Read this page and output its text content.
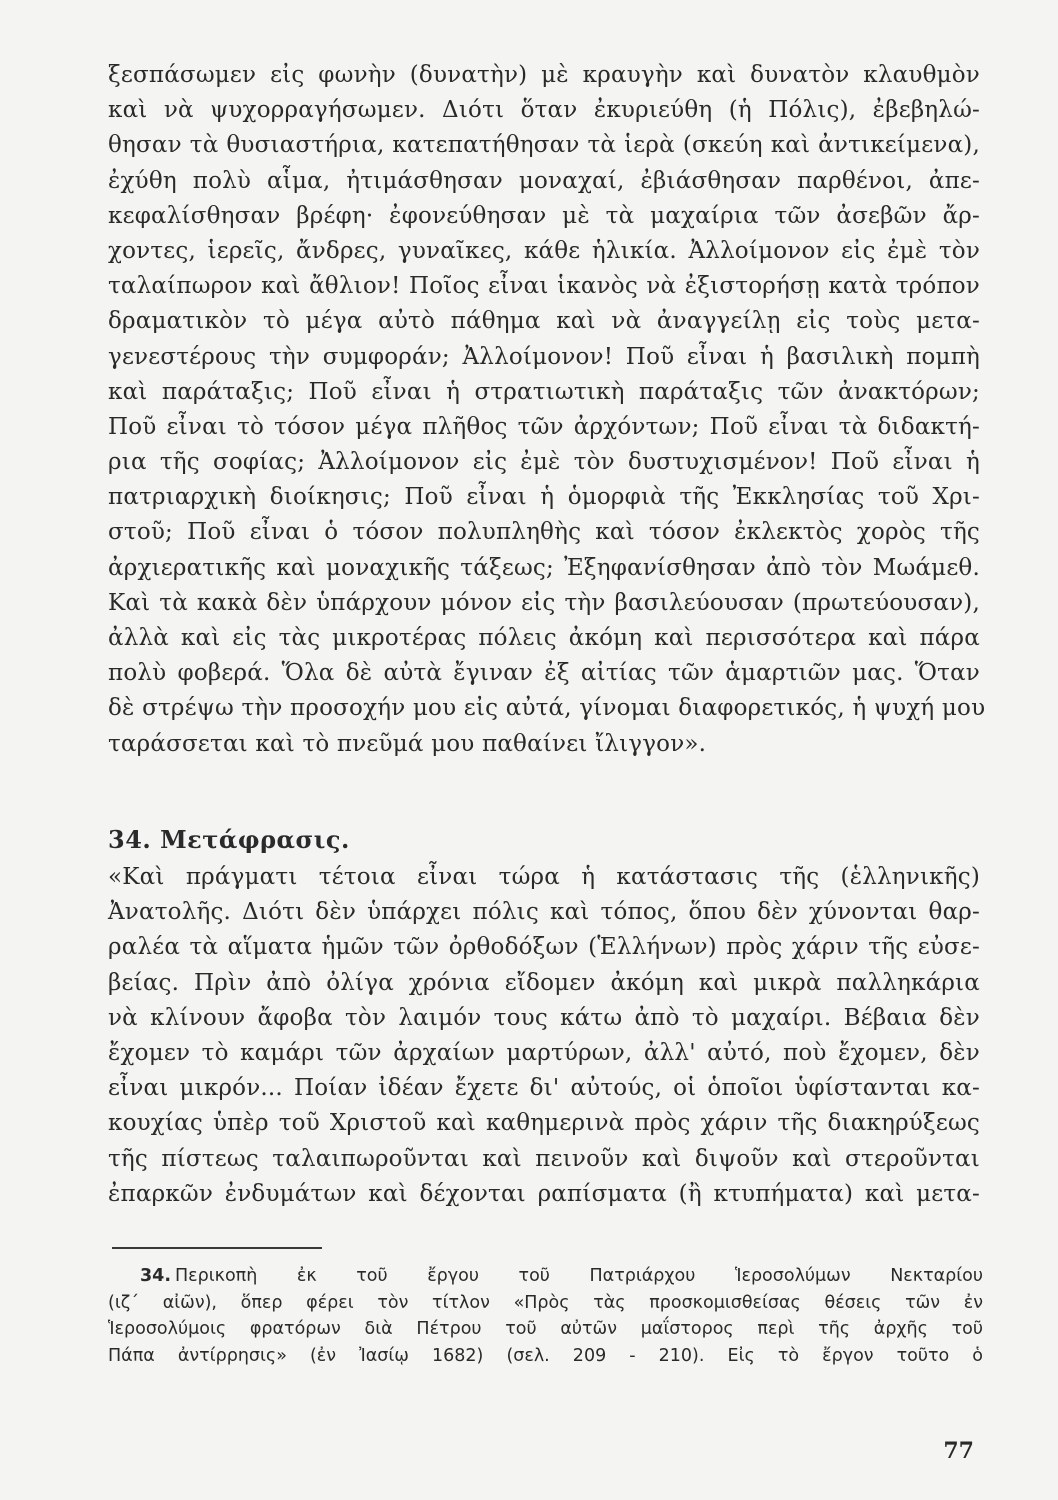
ξεσπάσωμεν εἰς φωνὴν (δυνατὴν) μὲ κραυγὴν καὶ δυνατὸν κλαυθμὸν
καὶ νὰ ψυχορραγήσωμεν. Διότι ὅταν ἐκυριεύθη (ἡ Πόλις), ἐβεβηλώ-
θησαν τὰ θυσιαστήρια, κατεπατήθησαν τὰ ἱερὰ (σκεύη καὶ ἀντικείμενα),
ἐχύθη πολὺ αἷμα, ἠτιμάσθησαν μοναχαί, ἐβιάσθησαν παρθένοι, ἀπε-
κεφαλίσθησαν βρέφη· ἐφονεύθησαν μὲ τὰ μαχαίρια τῶν ἀσεβῶν ἄρ-
χοντες, ἱερεῖς, ἄνδρες, γυναῖκες, κάθε ἡλικία. Ἀλλοίμονον εἰς ἐμὲ τὸν
ταλαίπωρον καὶ ἄθλιον! Ποῖος εἶναι ἱκανὸς νὰ ἐξιστορήσῃ κατὰ τρόπον
δραματικὸν τὸ μέγα αὐτὸ πάθημα καὶ νὰ ἀναγγείλῃ εἰς τοὺς μετα-
γενεστέρους τὴν συμφοράν; Ἀλλοίμονον! Ποῦ εἶναι ἡ βασιλικὴ πομπὴ
καὶ παράταξις; Ποῦ εἶναι ἡ στρατιωτικὴ παράταξις τῶν ἀνακτόρων;
Ποῦ εἶναι τὸ τόσον μέγα πλῆθος τῶν ἀρχόντων; Ποῦ εἶναι τὰ διδακτή-
ρια τῆς σοφίας; Ἀλλοίμονον εἰς ἐμὲ τὸν δυστυχισμένον! Ποῦ εἶναι ἡ
πατριαρχικὴ διοίκησις; Ποῦ εἶναι ἡ ὁμορφιὰ τῆς Ἐκκλησίας τοῦ Χρι-
στοῦ; Ποῦ εἶναι ὁ τόσον πολυπληθὴς καὶ τόσον ἐκλεκτὸς χορὸς τῆς
ἀρχιερατικῆς καὶ μοναχικῆς τάξεως; Ἐξηφανίσθησαν ἀπὸ τὸν Μωάμεθ.
Καὶ τὰ κακὰ δὲν ὑπάρχουν μόνον εἰς τὴν βασιλεύουσαν (πρωτεύουσαν),
ἀλλὰ καὶ εἰς τὰς μικροτέρας πόλεις ἀκόμη καὶ περισσότερα καὶ πάρα
πολὺ φοβερά. Ὅλα δὲ αὐτὰ ἔγιναν ἐξ αἰτίας τῶν ἁμαρτιῶν μας. Ὅταν
δὲ στρέψω τὴν προσοχήν μου εἰς αὐτά, γίνομαι διαφορετικός, ἡ ψυχή μου
ταράσσεται καὶ τὸ πνεῦμά μου παθαίνει ἴλιγγον».
34. Μετάφρασις.
«Καὶ πράγματι τέτοια εἶναι τώρα ἡ κατάστασις τῆς (ἑλληνικῆς)
Ἀνατολῆς. Διότι δὲν ὑπάρχει πόλις καὶ τόπος, ὅπου δὲν χύνονται θαρ-
ραλέα τὰ αἵματα ἡμῶν τῶν ὀρθοδόξων (Ἑλλήνων) πρὸς χάριν τῆς εὐσε-
βείας. Πρὶν ἀπὸ ὀλίγα χρόνια εἴδομεν ἀκόμη καὶ μικρὰ παλληκάρια
νὰ κλίνουν ἄφοβα τὸν λαιμόν τους κάτω ἀπὸ τὸ μαχαίρι. Βέβαια δὲν
ἔχομεν τὸ καμάρι τῶν ἀρχαίων μαρτύρων, ἀλλ' αὐτό, ποὺ ἔχομεν, δὲν
εἶναι μικρόν... Ποίαν ἰδέαν ἔχετε δι' αὐτούς, οἱ ὁποῖοι ὑφίστανται κα-
κουχίας ὑπὲρ τοῦ Χριστοῦ καὶ καθημερινὰ πρὸς χάριν τῆς διακηρύξεως
τῆς πίστεως ταλαιπωροῦνται καὶ πεινοῦν καὶ διψοῦν καὶ στεροῦνται
ἐπαρκῶν ἐνδυμάτων καὶ δέχονται ραπίσματα (ἢ κτυπήματα) καὶ μετα-
34. Περικοπὴ ἐκ τοῦ ἔργου τοῦ Πατριάρχου Ἱεροσολύμων Νεκταρίου
(ιζ΄ αἰῶν), ὅπερ φέρει τὸν τίτλον «Πρὸς τὰς προσκομισθείσας θέσεις τῶν ἐν
Ἱεροσολύμοις φρατόρων διὰ Πέτρου τοῦ αὐτῶν μαΐστορος περὶ τῆς ἀρχῆς τοῦ
Πάπα ἀντίρρησις» (ἐν Ἰασίῳ 1682) (σελ. 209 - 210). Εἰς τὸ ἔργον τοῦτο ὁ
77
